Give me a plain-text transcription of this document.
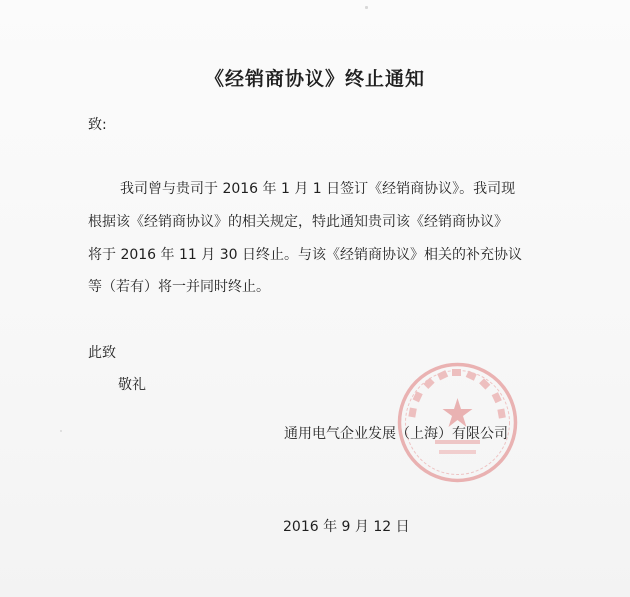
《经销商协议》终止通知
致:
我司曾与贵司于 2016 年 1 月 1 日签订《经销商协议》。我司现
根据该《经销商协议》的相关规定，特此通知贵司该《经销商协议》
将于 2016 年 11 月 30 日终止。与该《经销商协议》相关的补充协议
等（若有）将一并同时终止。
此致
敬礼
通用电气企业发展（上海）有限公司
2016 年 9 月 12 日
